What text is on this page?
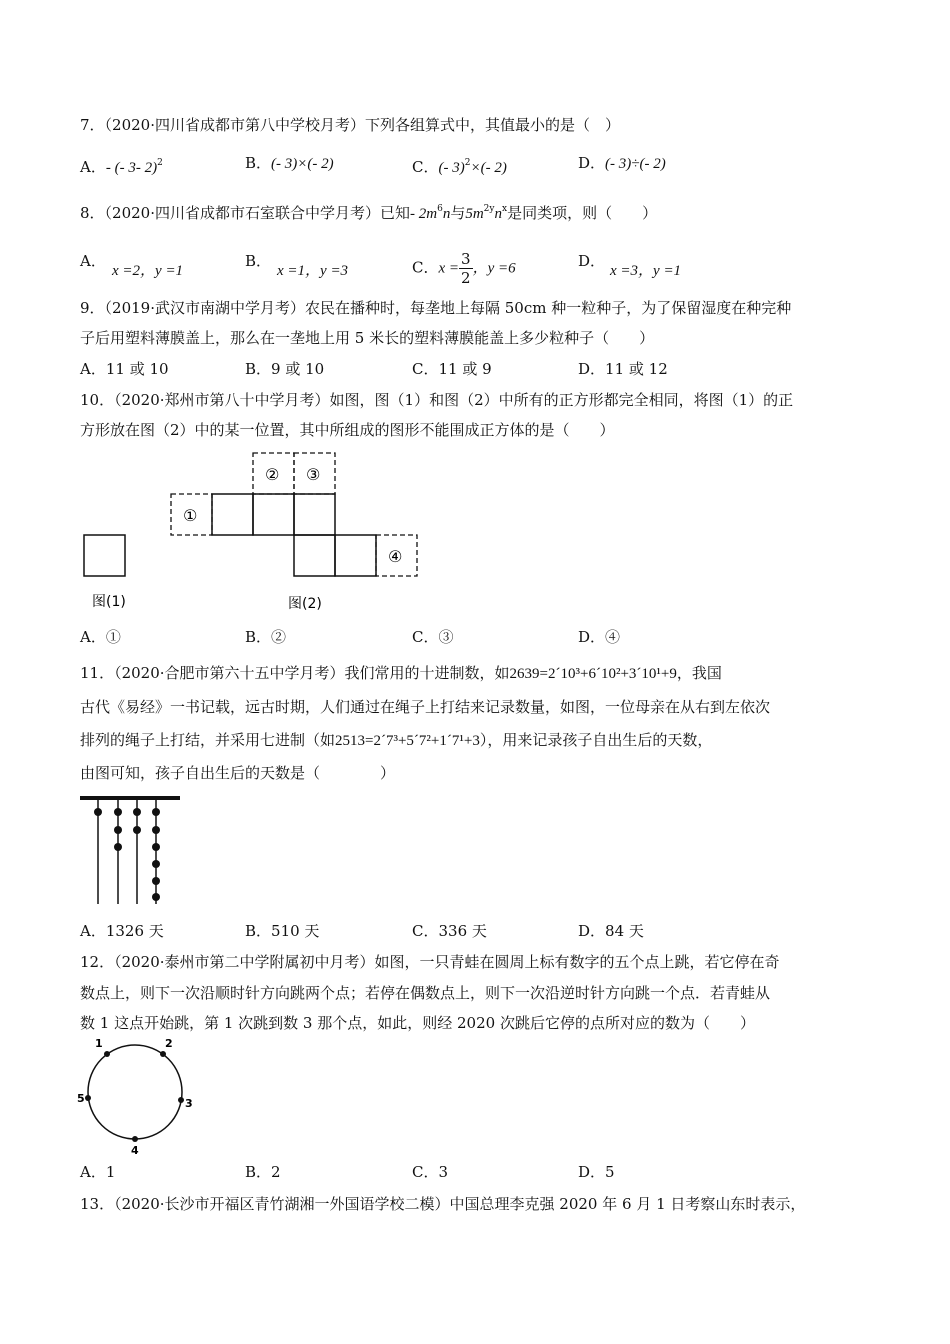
7．（2020·四川省成都市第八中学校月考）下列各组算式中，其值最小的是（　）
A．- (- 3- 2)$^2$	B．(- 3)×(- 2)	C．(- 3)$^2$×(- 2)	D．(- 3)÷(- 2)
8．（2020·四川省成都市石室联合中学月考）已知- $2m^6n$与$5m^{2y}n^x$是同类项，则（　　）
A．
x =2，y =1
B．
x =1，y =3	C．$x = \frac{3}{2}$ ，y =6	D．
x =3，y =1
9．（2019·武汉市南湖中学月考）农民在播种时，每垄地上每隔 50cm 种一粒种子，为了保留湿度在种完种
子后用塑料薄膜盖上，那么在一垄地上用 5 米长的塑料薄膜能盖上多少粒种子（　　）
A．11 或 10	B．9 或 10	C．11 或 9	D．11 或 12
10．（2020·郑州市第八十中学月考）如图，图（1）和图（2）中所有的正方形都完全相同，将图（1）的正
方形放在图（2）中的某一位置，其中所组成的图形不能围成正方体的是（　　）
图(1)
①
② ③
④
图(2)
A．①	B．②	C．③	D．④
11．（2020·合肥市第六十五中学月考）我们常用的十进制数，如2639=2´10³+6´10²+3´10¹+9，我国
古代《易经》一书记载，远古时期，人们通过在绳子上打结来记录数量，如图，一位母亲在从右到左依次
排列的绳子上打结，并采用七进制（如2513=2´7³+5´7²+1´7¹+3），用来记录孩子自出生后的天数，
由图可知，孩子自出生后的天数是（　　　　）
A．1326 天	B．510 天	C．336 天	D．84 天
12．（2020·泰州市第二中学附属初中月考）如图，一只青蛙在圆周上标有数字的五个点上跳，若它停在奇
数点上，则下一次沿顺时针方向跳两个点；若停在偶数点上，则下一次沿逆时针方向跳一个点．若青蛙从
数 1 这点开始跳，第 1 次跳到数 3 那个点，如此，则经 2020 次跳后它停的点所对应的数为（　　）
1	2
3
4
5
A．1	B．2	C．3	D．5
13．（2020·长沙市开福区青竹湖湘一外国语学校二模）中国总理李克强 2020 年 6 月 1 日考察山东时表示，
